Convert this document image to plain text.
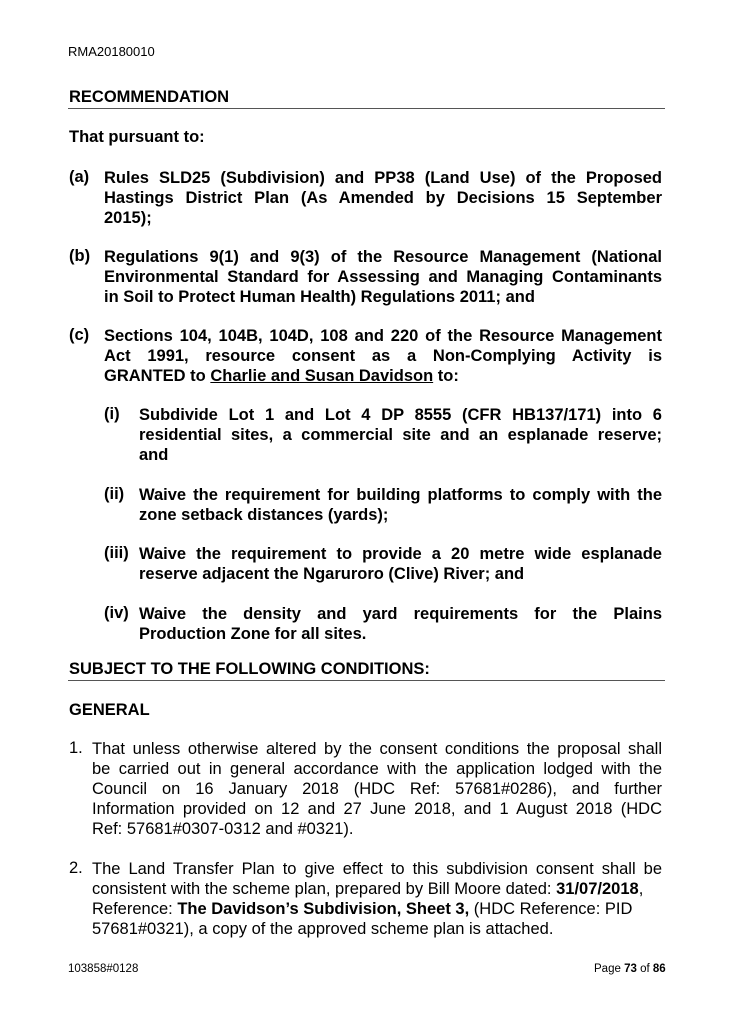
RMA20180010
RECOMMENDATION
That pursuant to:
(a) Rules SLD25 (Subdivision) and PP38 (Land Use) of the Proposed
Hastings District Plan (As Amended by Decisions 15 September
2015);
(b) Regulations 9(1) and 9(3) of the Resource Management (National
Environmental Standard for Assessing and Managing Contaminants
in Soil to Protect Human Health) Regulations 2011; and
(c) Sections 104, 104B, 104D, 108 and 220 of the Resource Management
Act 1991, resource consent as a Non-Complying Activity is
GRANTED to Charlie and Susan Davidson to:
(i) Subdivide Lot 1 and Lot 4 DP 8555 (CFR HB137/171) into 6
residential sites, a commercial site and an esplanade reserve;
and
(ii) Waive the requirement for building platforms to comply with the
zone setback distances (yards);
(iii) Waive the requirement to provide a 20 metre wide esplanade
reserve adjacent the Ngaruroro (Clive) River; and
(iv) Waive the density and yard requirements for the Plains
Production Zone for all sites.
SUBJECT TO THE FOLLOWING CONDITIONS:
GENERAL
1. That unless otherwise altered by the consent conditions the proposal shall
be carried out in general accordance with the application lodged with the
Council on 16 January 2018 (HDC Ref: 57681#0286), and further
Information provided on 12 and 27 June 2018, and 1 August 2018 (HDC
Ref: 57681#0307-0312 and #0321).
2. The Land Transfer Plan to give effect to this subdivision consent shall be
consistent with the scheme plan, prepared by Bill Moore dated: 31/07/2018,
Reference: The Davidson’s Subdivision, Sheet 3, (HDC Reference: PID
57681#0321), a copy of the approved scheme plan is attached.
103858#0128	Page 73 of 86
